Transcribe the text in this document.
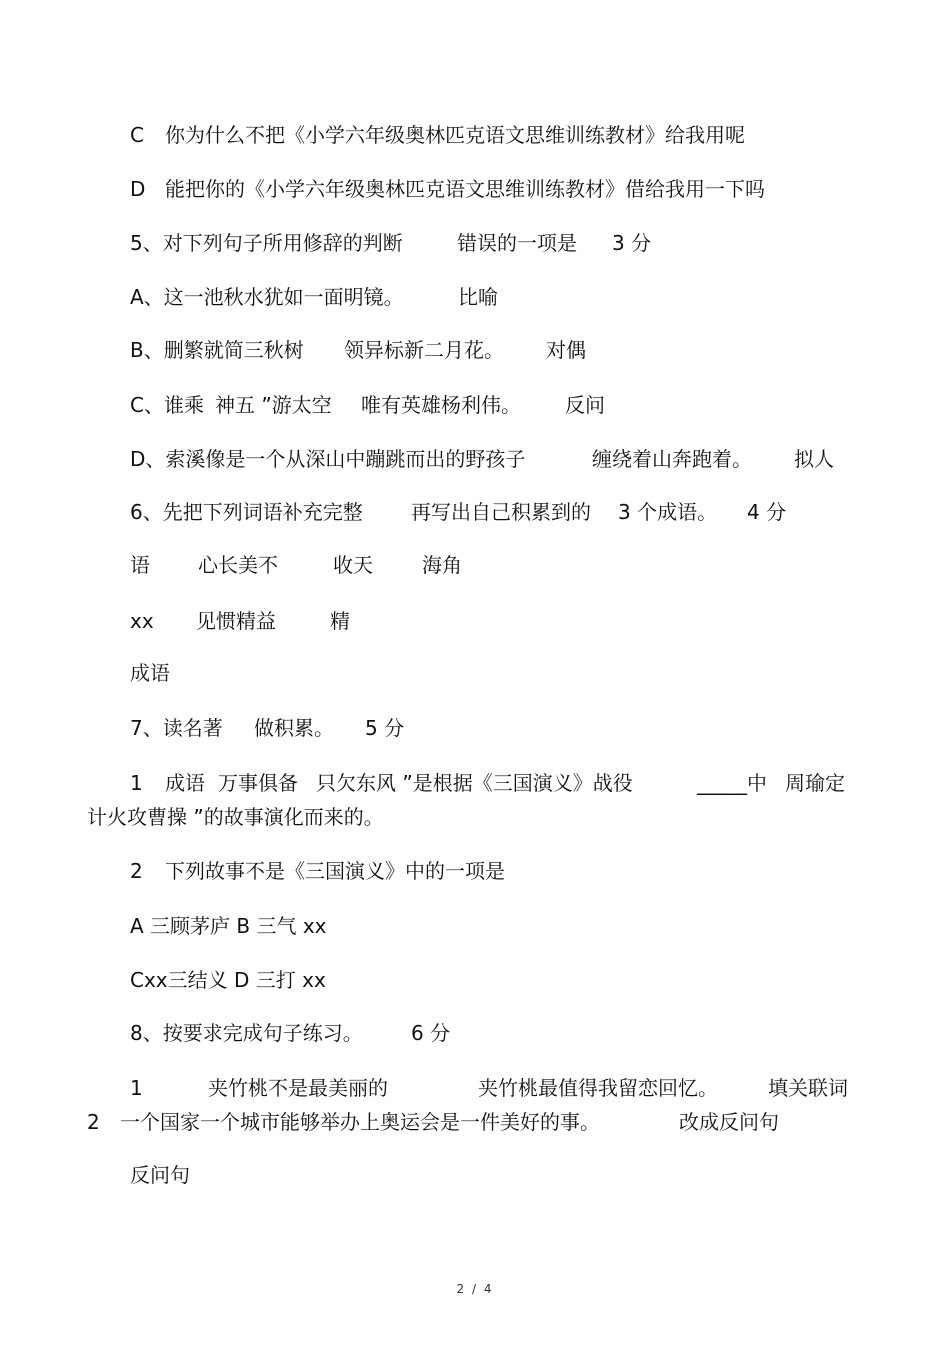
C 你为什么不把《小学六年级奥林匹克语文思维训练教材》给我用呢
D 能把你的《小学六年级奥林匹克语文思维训练教材》借给我用一下吗
5、对下列句子所用修辞的判断	错误的一项是 3 分
A、这一池秋水犹如一面明镜。	比喻
B、删繁就简三秋树 领异标新二月花。 对偶
C、谁乘 神五 ”游太空 唯有英雄杨利伟。 反问
D、索溪像是一个从深山中蹦跳而出的野孩子	缠绕着山奔跑着。 拟人
6、先把下列词语补充完整 再写出自己积累到的 3 个成语。 4 分
语 心长美不	收天 海角
xx 见惯精益	精
成语
7、读名著 做积累。 5 分
1 成语 万事俱备 只欠东风 ”是根据《三国演义》战役	_____中 周瑜定
计火攻曹操 ”的故事演化而来的。
2 下列故事不是《三国演义》中的一项是
A 三顾茅庐 B 三气 xx
Cxx三结义 D 三打 xx
8、按要求完成句子练习。 6 分
1	夹竹桃不是最美丽的	夹竹桃最值得我留恋回忆。	填关联词
2 一个国家一个城市能够举办上奥运会是一件美好的事。	改成反问句
反问句
2 / 4
